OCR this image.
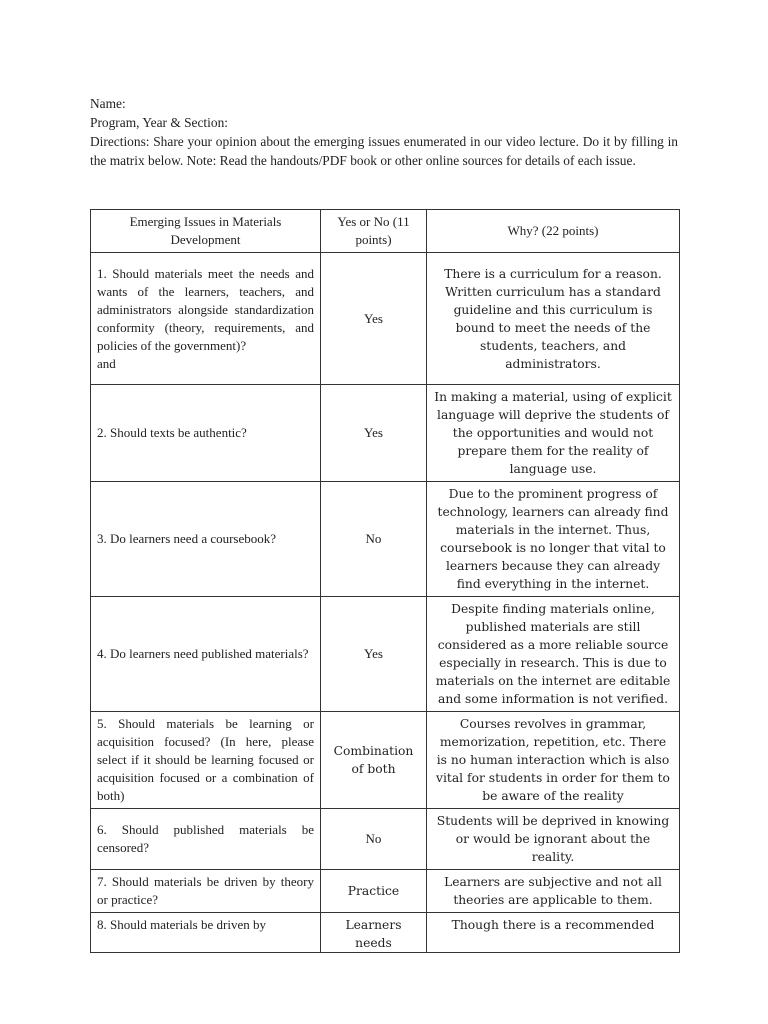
Name:
Program, Year & Section:
Directions: Share your opinion about the emerging issues enumerated in our video lecture. Do it by filling in the matrix below. Note: Read the handouts/PDF book or other online sources for details of each issue.
Emerging Issues in Materials Development	Yes or No (11 points)	Why? (22 points)

1. Should materials meet the needs and wants of the learners, teachers, and administrators alongside standardization conformity (theory, requirements, and policies of the government)?
and	Yes	There is a curriculum for a reason. Written curriculum has a standard guideline and this curriculum is bound to meet the needs of the students, teachers, and administrators.
2. Should texts be authentic?	Yes	In making a material, using of explicit language will deprive the students of the opportunities and would not prepare them for the reality of language use.
3. Do learners need a coursebook?	No	Due to the prominent progress of technology, learners can already find materials in the internet. Thus, coursebook is no longer that vital to learners because they can already find everything in the internet.
4. Do learners need published materials?	Yes	Despite finding materials online, published materials are still considered as a more reliable source especially in research. This is due to materials on the internet are editable and some information is not verified.
5. Should materials be learning or acquisition focused? (In here, please select if it should be learning focused or acquisition focused or a combination of both)	Combination of both	Courses revolves in grammar, memorization, repetition, etc. There is no human interaction which is also vital for students in order for them to be aware of the reality
6. Should published materials be censored?	No	Students will be deprived in knowing or would be ignorant about the reality.
7. Should materials be driven by theory or practice?	Practice	Learners are subjective and not all theories are applicable to them.
8. Should materials be driven by	Learners needs	Though there is a recommended
